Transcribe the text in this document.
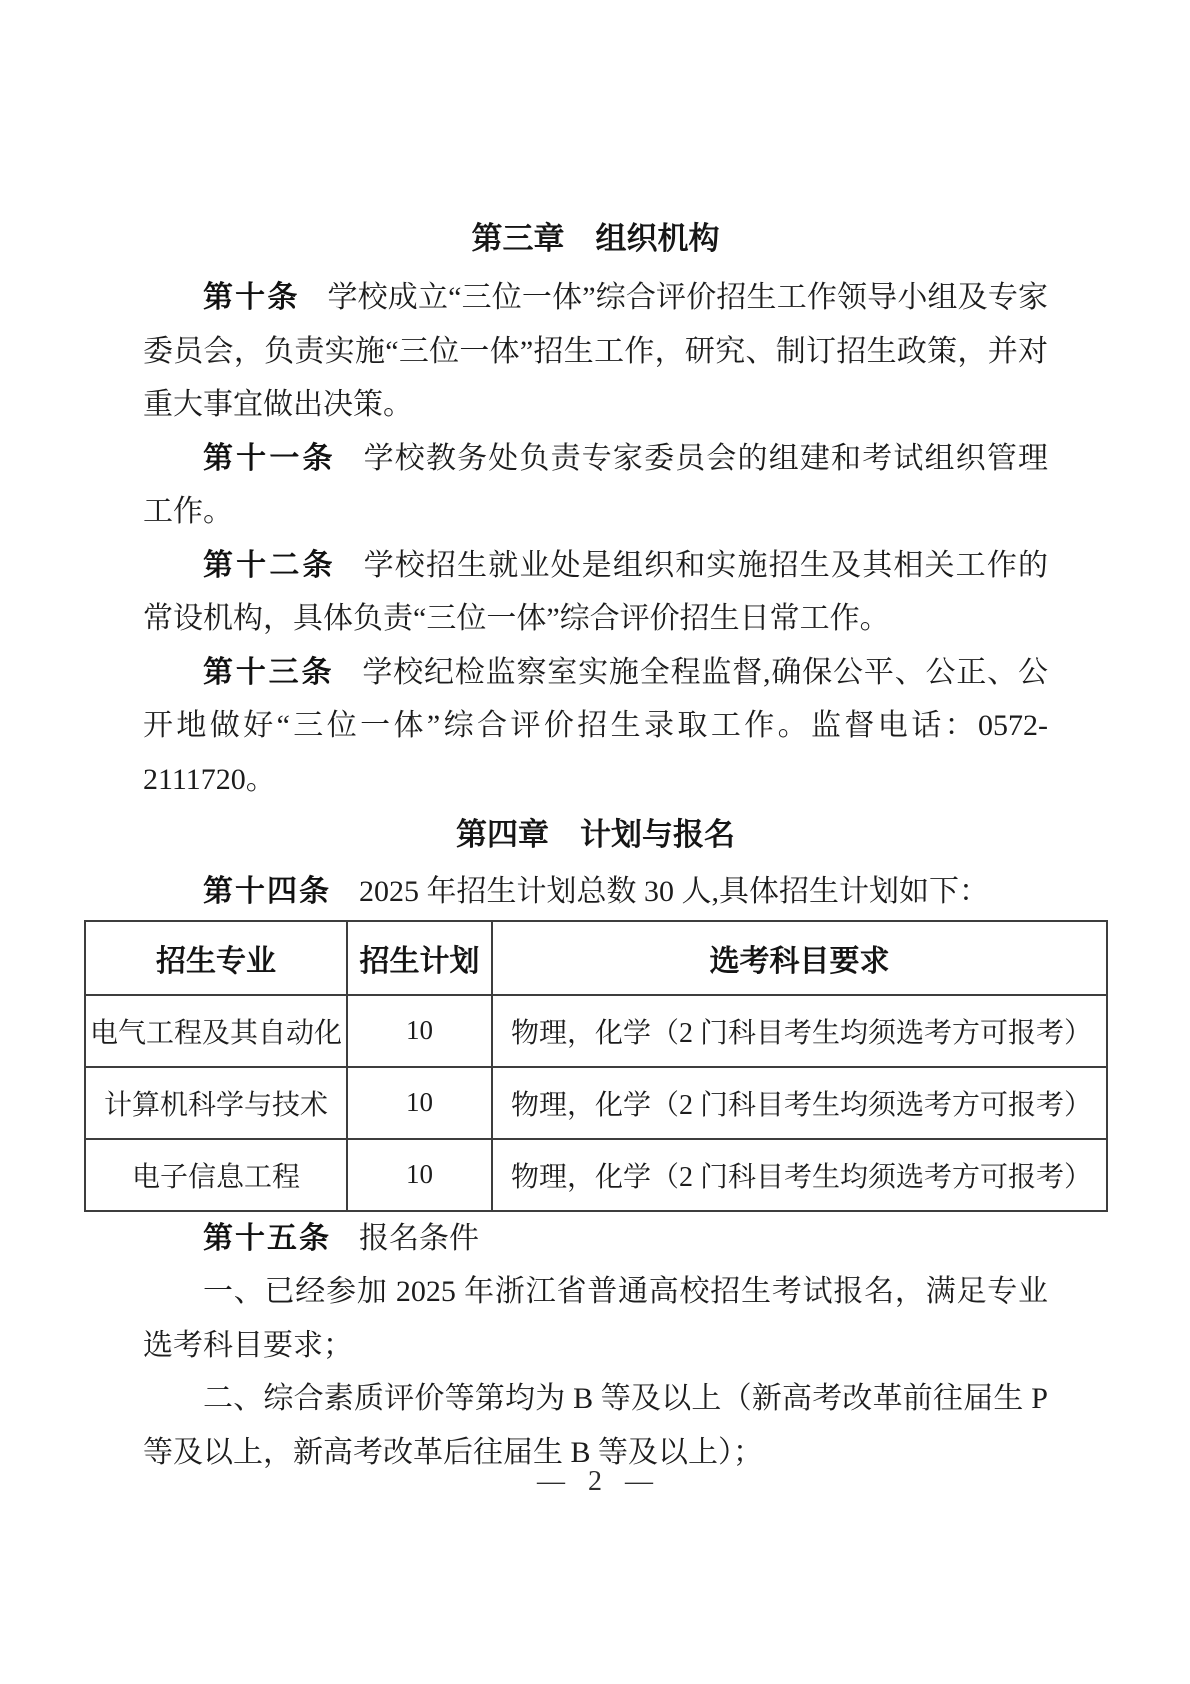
第三章　组织机构

第十条 学校成立“三位一体”综合评价招生工作领导小组及专家委员会，负责实施“三位一体”招生工作，研究、制订招生政策，并对重大事宜做出决策。

第十一条 学校教务处负责专家委员会的组建和考试组织管理工作。

第十二条 学校招生就业处是组织和实施招生及其相关工作的常设机构，具体负责“三位一体”综合评价招生日常工作。

第十三条 学校纪检监察室实施全程监督,确保公平、公正、公开地做好“三位一体”综合评价招生录取工作。监督电话：0572-2111720。

第四章　计划与报名

第十四条 2025 年招生计划总数 30 人,具体招生计划如下：

招生专业	招生计划	选考科目要求
电气工程及其自动化	10	物理，化学（2 门科目考生均须选考方可报考）
计算机科学与技术	10	物理，化学（2 门科目考生均须选考方可报考）
电子信息工程	10	物理，化学（2 门科目考生均须选考方可报考）

第十五条 报名条件

一、已经参加 2025 年浙江省普通高校招生考试报名，满足专业选考科目要求；

二、综合素质评价等第均为 B 等及以上（新高考改革前往届生 P 等及以上，新高考改革后往届生 B 等及以上）；

— 2 —
